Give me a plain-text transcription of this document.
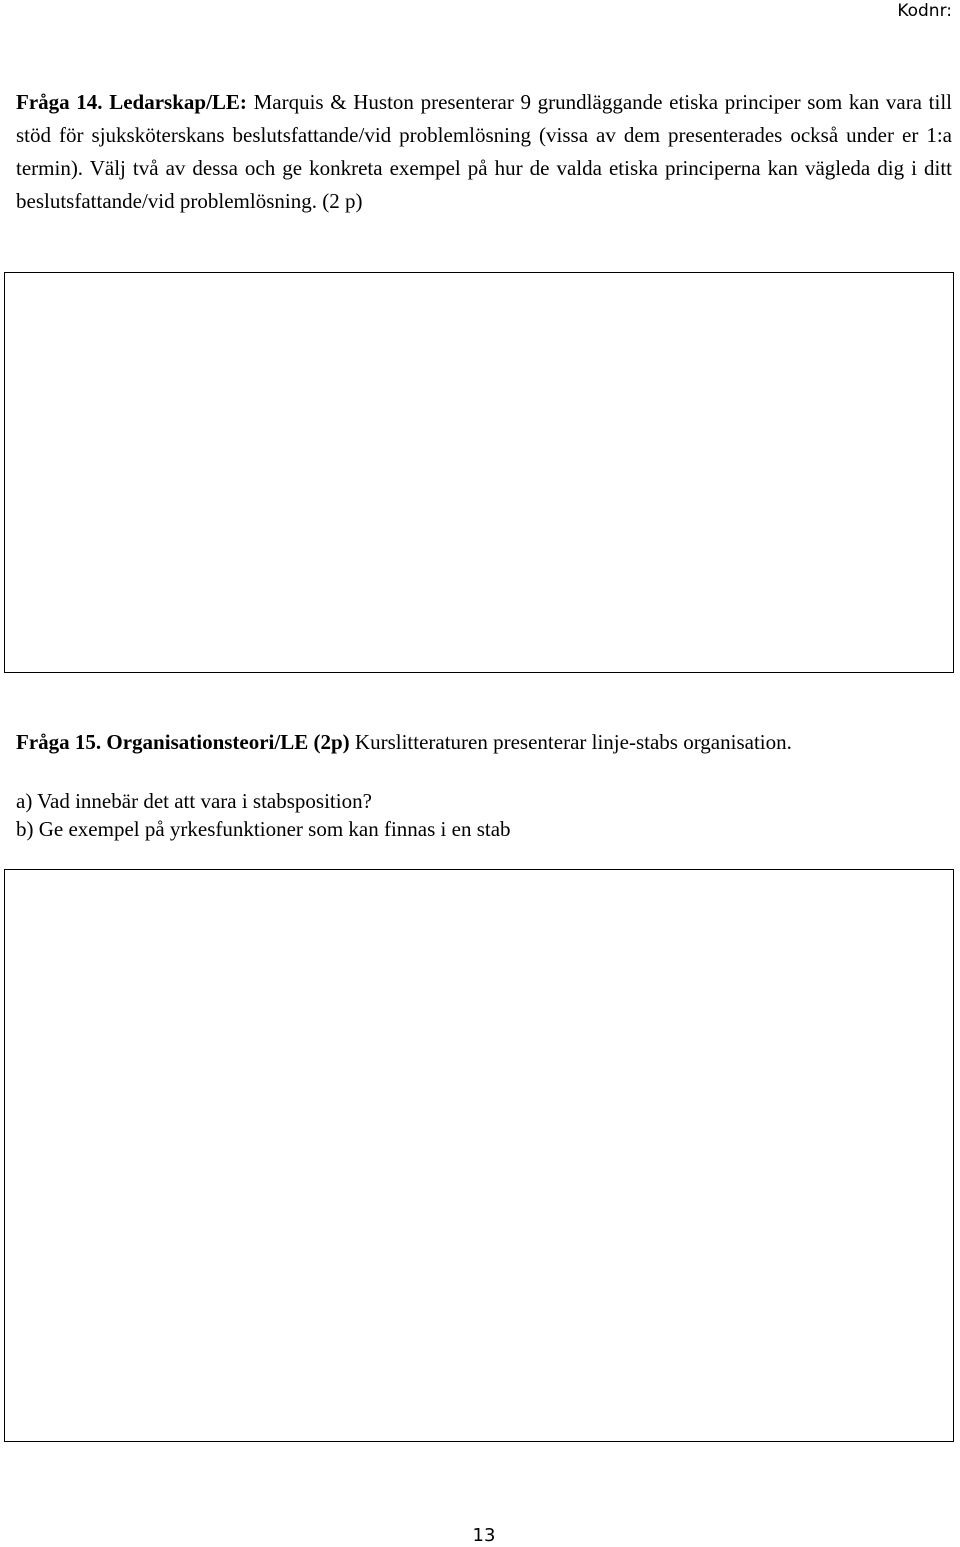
Kodnr:
Fråga 14. Ledarskap/LE: Marquis & Huston presenterar 9 grundläggande etiska principer som kan vara till stöd för sjuksköterskans beslutsfattande/vid problemlösning (vissa av dem presenterades också under er 1:a termin). Välj två av dessa och ge konkreta exempel på hur de valda etiska principerna kan vägleda dig i ditt beslutsfattande/vid problemlösning. (2 p)
Fråga 15. Organisationsteori/LE (2p) Kurslitteraturen presenterar linje-stabs organisation.
a) Vad innebär det att vara i stabsposition?
b) Ge exempel på yrkesfunktioner som kan finnas i en stab
13
